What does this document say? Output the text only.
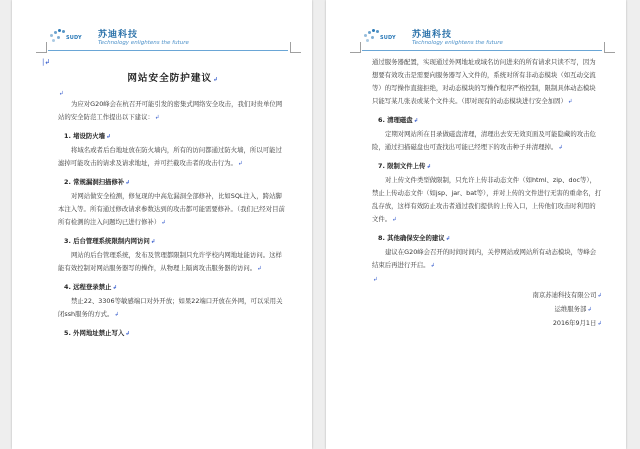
SUDY 苏迪科技
Technology enlightens the future
|↲

网站安全防护建议↲

↲

为应对G20峰会在杭召开可能引发的密集式网络安全攻击，我们对贵单位网站的安全防范工作提出以下建议：↲

1. 堵设防火墙↲

将域名或者后台地址放在防火墙内，所有的访问都通过防火墙，所以可能过滤掉可能攻击的请求及请求地址，并可拦截攻击者的攻击行为。↲

2. 常规漏洞扫描修补↲

对网站做安全检测，修复现的中高危漏洞全部修补，比如SQL注入，跨站脚本注入等。所有通过修改请求参数达到的攻击都可能需要修补。（我们已经对目前所有检测的注入问题均已进行修补）↲

3. 后台管理系统限制内网访问↲

网站的后台管理系统，发布及管理都限制只允许学校内网地址能访问。这样能有效控制对网站服务器写的操作，从物理上隔离攻击服务器的访问。↲

4. 远程登录禁止↲

禁止22、3306等敏感端口对外开放；如果22端口开放在外网，可以采用关闭ssh服务的方式。↲

5. 外网地址禁止写入↲

SUDY 苏迪科技
Technology enlightens the future

通过服务器配置，实现通过外网地址或域名访问进来的所有请求只读不写，因为想要有效攻击是需要向服务器写入文件的，系统对所有非动态模块（如互动交流等）的写操作直接拒绝，对动态模块的写操作程序严格控制，限制具体动态模块只能写某几张表或某个文件夹。（即对现有的动态模块进行安全加固）↲

6. 清理磁盘↲

定期对网站所在目录做磁盘清理，清理出去安无效页面及可能隐藏的攻击危险，通过扫描磁盘也可查找出可能已经埋下的攻击种子并清理掉。↲

7. 限制文件上传↲

对上传文件类型做限制，只允许上传非动态文件（如html、zip、doc等），禁止上传动态文件（如jsp、jar、bat等），并对上传的文件进行无害的重命名，打乱存放，这样有效防止攻击者通过我们提供的上传入口，上传他们攻击时利用的文件。↲

8. 其他确保安全的建议↲

建议在G20峰会召开的时间时间内，关停网站或网站所有动态模块，等峰会结束后再进行开启。↲

↲

南京苏迪科技有限公司↲

运维服务部↲

2016年9月1日↲
